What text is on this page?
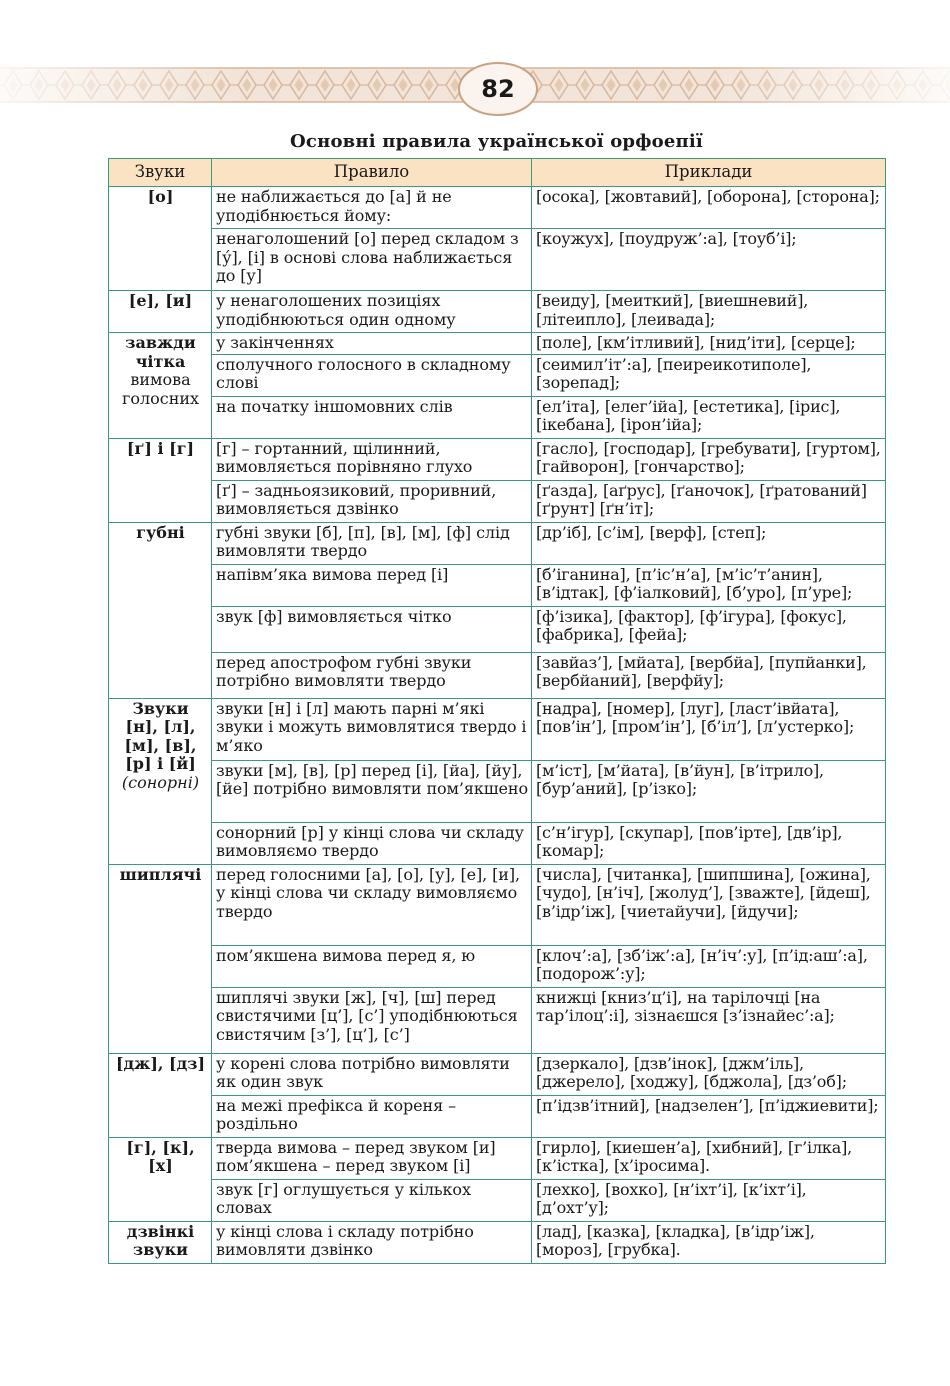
82
Основні правила української орфоепії
Звуки	Правило	Приклади

[о]	не наближається до [а] й не уподібнюється йому:	[осока], [жовтавий], [оборона], [сторона];
	ненаголошений [о] перед складом з [у́], [і] в основі слова наближається до [у]	[коужух], [поудруж’:а], [тоуб’і];

[е], [и]	у ненаголошених позиціях уподібнюються один одному	[веиду], [меиткий], [виешневий], [літеипло], [леивада];

завжди
чітка
вимова
голосних	у закінченнях	[поле], [км’ітливий], [нид’іти], [серце];
	сполучного голосного в складному слові	[сеимил’іт’:а], [пеиреикотиполе], [зорепад];
	на початку іншомовних слів	[ел’іта], [елег’ійа], [естетика], [ірис], [ікебана], [ірон’ійа];

[ґ] і [г]	[г] – гортанний, щілинний, вимовляється порівняно глухо	[гасло], [господар], [гребувати], [гуртом], [гайворон], [гончарство];
	[ґ] – задньоязиковий, проривний, вимовляється дзвінко	[ґазда], [аґрус], [ґаночок], [ґратований] [ґрунт] [ґн’іт];

губні	губні звуки [б], [п], [в], [м], [ф] слід вимовляти твердо	[др’іб], [с’ім], [верф], [степ];
	напівм’яка вимова перед [і]	[б’іганина], [п’іс’н’а], [м’іс’т’анин], [в’ідтак], [ф’іалковий], [б’уро], [п’уре];
	звук [ф] вимовляється чітко	[ф’ізика], [фактор], [ф’ігура], [фокус], [фабрика], [фейа];
	перед апострофом губні звуки потрібно вимовляти твердо	[завйаз’], [мйата], [вербйа], [пупйанки], [вербйаний], [верфйу];

Звуки
[н], [л],
[м], [в],
[р] і [й]
(сонорні)	звуки [н] і [л] мають парні м’які звуки і можуть вимовлятися твердо і м’яко	[надра], [номер], [луг], [ласт’івйата], [пов’ін’], [пром’ін’], [б’іл’], [л’устерко];
	звуки [м], [в], [р] перед [і], [йа], [йу], [йе] потрібно вимовляти пом’якшено	[м’іст], [м’йата], [в’йун], [в’ітрило], [бур’аний], [р’ізко];
	сонорний [р] у кінці слова чи складу вимовляємо твердо	[с’н’ігур], [скупар], [пов’ірте], [дв’ір], [комар];

шиплячі	перед голосними [а], [о], [у], [е], [и], у кінці слова чи складу вимовляємо твердо	[числа], [читанка], [шипшина], [ожина], [чудо], [н’іч], [жолуд’], [зважте], [йдеш], [в’ідр’іж], [чиетайучи], [йдучи];
	пом’якшена вимова перед я, ю	[клоч’:а], [зб’іж’:а], [н’іч’:у], [п’ід:аш’:а], [подорож’:у];
	шиплячі звуки [ж], [ч], [ш] перед свистячими [ц’], [с’] уподібнюються свистячим [з’], [ц’], [с’]	книжці [книз’ц’і], на тарілочці [на тар’ілоц’:і], зізнаєшся [з’ізнайес’:а];

[дж], [дз]	у корені слова потрібно вимовляти як один звук	[дзеркало], [дзв’інок], [джм’іль], [джерело], [ходжу], [бджола], [дз’об];
	на межі префікса й кореня – роздільно	[п’ідзв’ітний], [надзелен’], [п’іджиевити];

[г], [к], [х]	тверда вимова – перед звуком [и] пом’якшена – перед звуком [і]	[гирло], [киешен’а], [хибний], [г’ілка], [к’істка], [х’іросима].
	звук [г] оглушується у кількох словах	[лехко], [вохко], [н’іхт’і], [к’іхт’і], [д’охт’у];

дзвінкі
звуки	у кінці слова і складу потрібно вимовляти дзвінко	[лад], [казка], [кладка], [в’ідр’іж], [мороз], [грубка].
